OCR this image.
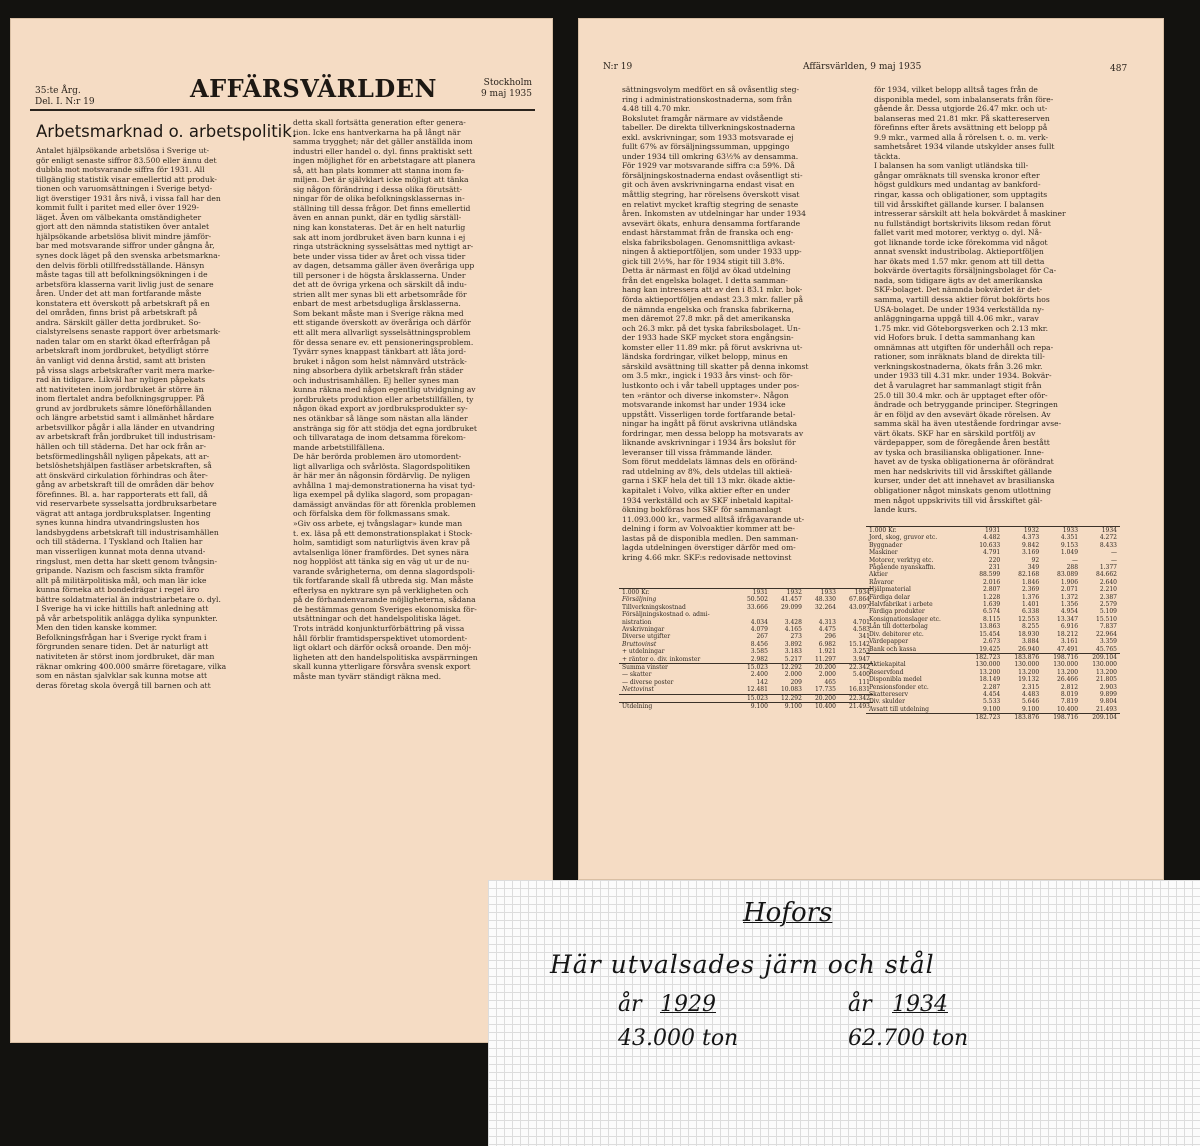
35:te Årg.
Del. I. N:r 19	AFFÄRSVÄRLDEN	Stockholm
9 maj 1935
Arbetsmarknad o. arbetspolitik.
Antalet hjälpsökande arbetslösa i Sverige ut-
gör enligt senaste siffror 83.500 eller ännu det
dubbla mot motsvarande siffra för 1931. All
tillgänglig statistik visar emellertid att produk-
tionen och varuomsättningen i Sverige betyd-
ligt överstiger 1931 års nivå, i vissa fall har den
kommit fullt i paritet med eller över 1929-
läget. Även om välbekanta omständigheter
gjort att den nämnda statistiken över antalet
hjälpsökande arbetslösa blivit mindre jämför-
bar med motsvarande siffror under gångna år,
synes dock läget på den svenska arbetsmarkna-
den delvis förbli otillfredsställande. Hänsyn
måste tagas till att befolkningsökningen i de
arbetsföra klasserna varit livlig just de senare
åren. Under det att man fortfarande måste
konstatera ett överskott på arbetskraft på en
del områden, finns brist på arbetskraft på
andra. Särskilt gäller detta jordbruket. So-
cialstyrelsens senaste rapport över arbetsmark-
naden talar om en starkt ökad efterfrågan på
arbetskraft inom jordbruket, betydligt större
än vanligt vid denna årstid, samt att bristen
på vissa slags arbetskrafter varit mera marke-
rad än tidigare. Likväl har nyligen påpekats
att nativiteten inom jordbruket är större än
inom flertalet andra befolkningsgrupper. På
grund av jordbrukets sämre löneförhållanden
och längre arbetstid samt i allmänhet hårdare
arbetsvillkor pågår i alla länder en utvandring
av arbetskraft från jordbruket till industrisam-
hällen och till städerna. Det har ock från ar-
betsförmedlingshåll nyligen påpekats, att ar-
betslöshetshjälpen fastläser arbetskraften, så
att önskvärd cirkulation förhindras och åter-
gång av arbetskraft till de områden där behov
förefinnes. Bl. a. har rapporterats ett fall, då
vid reservarbete sysselsatta jordbruksarbetare
vägrat att antaga jordbruksplatser. Ingenting
synes kunna hindra utvandringslusten hos
landsbygdens arbetskraft till industrisamhällen
och till städerna. I Tyskland och Italien har
man visserligen kunnat mota denna utvand-
ringslust, men detta har skett genom tvångsin-
gripande. Nazism och fascism sikta framför
allt på militärpolitiska mål, och man lär icke
kunna förneka att bondedrägar i regel äro
bättre soldatmaterial än industriarbetare o. dyl.
I Sverige ha vi icke hittills haft anledning att
på vår arbetspolitik anlägga dylika synpunkter.
Men den tiden kanske kommer.
Befolkningsfrågan har i Sverige ryckt fram i
förgrunden senare tiden. Det är naturligt att
nativiteten är störst inom jordbruket, där man
räknar omkring 400.000 smärre företagare, vilka
som en nästan sjalvklar sak kunna motse att
deras företag skola övergå till barnen och att
detta skall fortsätta generation efter genera-
tion. Icke ens hantverkarna ha på långt när
samma trygghet; när det gäller anställda inom
industri eller handel o. dyl. finns praktiskt sett
ingen möjlighet för en arbetstagare att planera
så, att han plats kommer att stanna inom fa-
miljen. Det är självklart icke möjligt att tänka
sig någon förändring i dessa olika förutsätt-
ningar för de olika befolkningsklassernas in-
ställning till dessa frågor. Det finns emellertid
även en annan punkt, där en tydlig särställ-
ning kan konstateras. Det är en helt naturlig
sak att inom jordbruket även barn kunna i ej
ringa utsträckning sysselsättas med nyttigt ar-
bete under vissa tider av året och vissa tider
av dagen, detsamma gäller även överåriga upp
till personer i de högsta årsklasserna. Under
det att de övriga yrkena och särskilt då indu-
strien allt mer synas bli ett arbetsområde för
enbart de mest arbetsdugliga årsklasserna.
Som bekant måste man i Sverige räkna med
ett stigande överskott av överåriga och därför
ett allt mera allvarligt sysselsättningsproblem
för dessa senare ev. ett pensioneringsproblem.
Tyvärr synes knappast tänkbart att låta jord-
bruket i någon som helst nämnvärd utsträck-
ning absorbera dylik arbetskraft från städer
och industrisamhällen. Ej heller synes man
kunna räkna med någon egentlig utvidgning av
jordbrukets produktion eller arbetstillfällen, ty
någon ökad export av jordbruksprodukter sy-
nes otänkbar så länge som nästan alla länder
anstränga sig för att stödja det egna jordbruket
och tillvaratagа de inom detsamma förekom-
mande arbetstillfällena.
De här berörda problemen äro utomordent-
ligt allvarliga och svårlösta. Slagordspolitiken
är här mer än någonsin fördärvlig. De nyligen
avhållna 1 maj-demonstrationerna ha visat tyd-
liga exempel på dylika slagord, som propagan-
damässigt användas för att förenkla problemen
och förfalska dem för folkmassans smak.
»Giv oss arbete, ej tvångslagar» kunde man
t. ex. läsa på ett demonstrationsplakat i Stock-
holm, samtidigt som naturligtvis även krav på
avtalsenliga löner framfördes. Det synes nära
nog hopplöst att tänka sig en väg ut ur de nu-
varande svårigheterna, om denna slagordspoli-
tik fortfarande skall få utbreda sig. Man måste
efterlysa en nyktrare syn på verkligheten och
på de förhandenvarande möjligheterna, sådana
de bestämmas genom Sveriges ekonomiska för-
utsättningar och det handelspolitiska läget.
Trots inträdd konjunkturförbättring på vissa
håll förblir framtidsperspektivet utomordent-
ligt oklart och därför också oroande. Den möj-
ligheten att den handelspolitiska avspärrningen
skall kunna ytterligare försvåra svensk export
måste man tyvärr ständigt räkna med.
N:r 19	Affärsvärlden, 9 maj 1935	487
sättningsvolym medfört en så ovåsentlig steg-
ring i administrationskostnaderna, som från
4.48 till 4.70 mkr.
Bokslutet framgår närmare av vidstående
tabeller. De direkta tillverkningskostnaderna
exkl. avskrivningar, som 1933 motsvarade ej
fullt 67% av försäljningssumman, uppgingo
under 1934 till omkring 63½% av densamma.
För 1929 var motsvarande siffra c:a 59%. Då
försäljningskostnaderna endast ovåsentligt sti-
git och även avskrivningarna endast visat en
måttlig stegring, har rörelsens överskott visat
en relativt mycket kraftig stegring de senaste
åren. Inkomsten av utdelningar har under 1934
avsevärt ökats, enhura densamma fortfarande
endast härstammat från de franska och eng-
elska fabriksbolagen. Genomsnittliga avkast-
ningen å aktieportföljen, som under 1933 upp-
gick till 2½%, har för 1934 stigit till 3.8%.
Detta är närmast en följd av ökad utdelning
från det engelska bolaget. I detta samman-
hang kan intressera att av den i 83.1 mkr. bok-
förda aktieportföljen endast 23.3 mkr. faller på
de nämnda engelska och franska fabrikerna,
men däremot 27.8 mkr. på det amerikanska
och 26.3 mkr. på det tyska fabriksbolaget. Un-
der 1933 hade SKF mycket stora engångsin-
komster eller 11.89 mkr. på förut avskrivna ut-
ländska fordringar, vilket belopp, minus en
särskild avsättning till skatter på denna inkomst
om 3.5 mkr., ingick i 1933 års vinst- och för-
lustkonto och i vår tabell upptages under pos-
ten »räntor och diverse inkomster». Någon
motsvarande inkomst har under 1934 icke
uppstått. Visserligen torde fortfarande betal-
ningar ha ingått på förut avskrivna utländska
fordringar, men dessa belopp ha motsvarats av
liknande avskrivningar i 1934 års bokslut för
leveranser till vissa främmande länder.
Som förut meddelats lämnas dels en oföränd-
rad utdelning av 8%, dels utdelas till aktieä-
garna i SKF hela det till 13 mkr. ökade aktie-
kapitalet i Volvo, vilka aktier efter en under
1934 verkställd och av SKF inbetald kapital-
ökning bokföras hos SKF för sammanlagt
11.093.000 kr., varmed alltså ifrågavarande ut-
delning i form av Volvoaktier kommer att be-
lastas på de disponibla medlen. Den samman-
lagda utdelningen överstiger därför med om-
kring 4.66 mkr. SKF:s redovisade nettovinst
för 1934, vilket belopp alltså tages från de
disponibla medel, som inbalanserats från före-
gående år. Dessa utgjorde 26.47 mkr. och ut-
balanseras med 21.81 mkr. På skattereserven
förefinns efter årets avsättning ett belopp på
9.9 mkr., varmed alla å rörelsen t. o. m. verk-
samhetsåret 1934 vilande utskylder anses fullt
täckta.
I balansen ha som vanligt utländska till-
gångar omräknats till svenska kronor efter
högst guldkurs med undantag av bankford-
ringar, kassa och obligationer, som upptagits
till vid årsskiftet gällande kurser. I balansen
intresserar särskilt att hela bokvärdet å maskiner
nu fullständigt bortskrivits liksom redan förut
fallet varit med motorer, verktyg o. dyl. Nå-
got liknande torde icke förekomma vid något
annat svenskt industribolag. Aktieportföljen
har ökats med 1.57 mkr. genom att till detta
bokvärde övertagits försäljningsbolaget för Ca-
nada, som tidigare ägts av det amerikanska
SKF-bolaget. Det nämnda bokvärdet är det-
samma, vartill dessa aktier förut bokförts hos
USA-bolaget. De under 1934 verkställda ny-
anläggningarna uppgå till 4.06 mkr., varav
1.75 mkr. vid Göteborgsverken och 2.13 mkr.
vid Hofors bruk. I detta sammanhang kan
omnämnas att utgiften för underhåll och repa-
rationer, som inräknats bland de direkta till-
verkningskostnaderna, ökats från 3.26 mkr.
under 1933 till 4.31 mkr. under 1934. Bokvär-
det å varulagret har sammanlagt stigit från
25.0 till 30.4 mkr. och är upptaget efter oför-
ändrade och betryggande principer. Stegringen
är en följd av den avsevärt ökade rörelsen. Av
samma skäl ha även utestående fordringar avse-
värt ökats. SKF har en särskild portfölj av
värdepapper, som de föregående åren bestått
av tyska och brasilianska obligationer. Inne-
havet av de tyska obligationerna är oförändrat
men har nedskrivits till vid årsskiftet gällande
kurser, under det att innehavet av brasilianska
obligationer något minskats genom utlottning
men något uppskrivits till vid årsskiftet gäl-
lande kurs.
1.000 Kr.	1931	1932	1933	1934
Försäljning	50.502	41.457	48.330	67.864
Tillverkningskostnad	33.666	29.099	32.264	43.097
Försäljningskostnad o. admi-				
nistration	4.034	3.428	4.313	4.701
Avskrivningar	4.079	4.165	4.475	4.583
Diverse utgifter	267	273	296	341
Bruttovinst	8.456	3.892	6.982	15.142
+ utdelningar	3.585	3.183	1.921	3.253
+ räntor o. div. inkomster	2.982	5.217	11.297	3.947
Summa vinster	15.023	12.292	20.200	22.342
— skatter	2.400	2.000	2.000	5.400
— diverse poster	142	209	465	111
Nettovinst	12.481	10.083	17.735	16.831
	15.023	12.292	20.200	22.342
Utdelning	9.100	9.100	10.400	21.493
1.000 Kr.	1931	1932	1933	1934
Jord, skog, gruvor etc.	4.482	4.373	4.351	4.272
Byggnader	10.633	9.842	9.153	8.433
Maskiner	4.791	3.169	1.049	—
Motorer, verktyg etc.	220	92	—	—
Pågående nyanskaffn.	231	349	288	1.377
Aktier	88.599	82.168	83.089	84.662
Råvaror	2.016	1.846	1.906	2.640
Hjälpmaterial	2.807	2.369	2.071	2.210
Färdiga delar	1.228	1.376	1.372	2.387
Halvfabrikat i arbete	1.639	1.401	1.356	2.579
Färdiga produkter	6.574	6.338	4.954	5.109
Konsignationslager etc.	8.115	12.553	13.347	15.510
Lån till dotterbolag	13.863	8.255	6.916	7.837
Div. debitorer etc.	15.454	18.930	18.212	22.964
Värdepapper	2.673	3.884	3.161	3.359
Bank och kassa	19.425	26.940	47.491	45.765
	182.723	183.876	198.716	209.104
Aktiekapital	130.000	130.000	130.000	130.000
Reservfond	13.200	13.200	13.200	13.200
Disponibla medel	18.149	19.132	26.466	21.805
Pensionsfonder etc.	2.287	2.315	2.812	2.903
Skattereserv	4.454	4.483	8.019	9.899
Div. skulder	5.533	5.646	7.819	9.804
Avsatt till utdelning	9.100	9.100	10.400	21.493
	182.723	183.876	198.716	209.104
Hofors
Här utvalsades järn och stål
år 1929	år 1934
43.000 ton	62.700 ton
